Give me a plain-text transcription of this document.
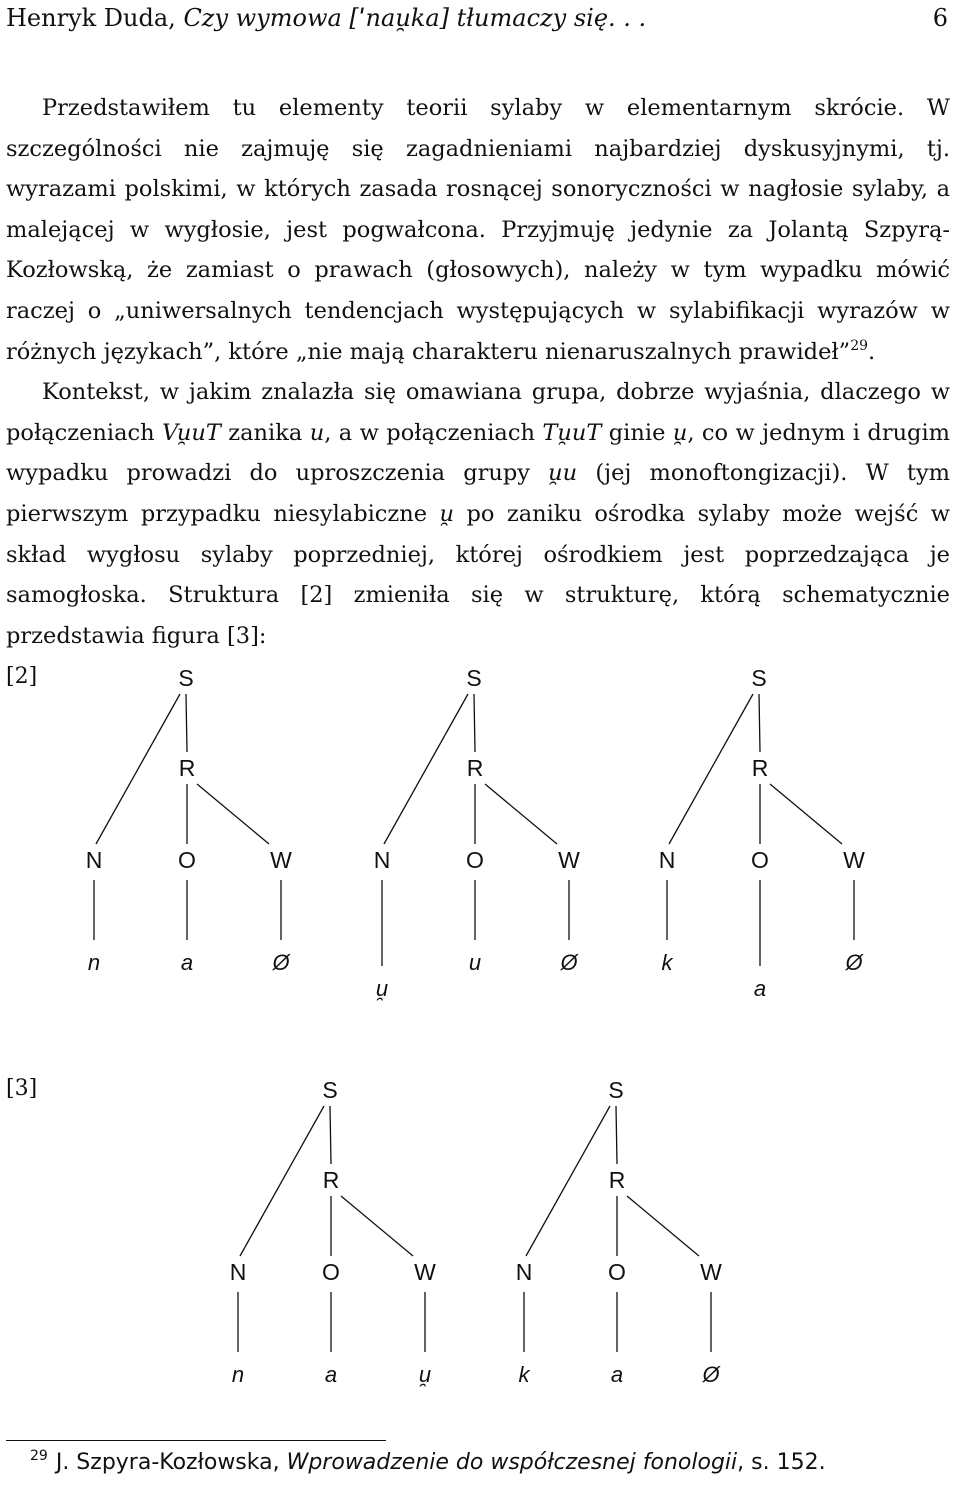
Henryk Duda, Czy wymowa [ˈnau̯ka] tłumaczy się. . .	6

Przedstawiłem tu elementy teorii sylaby w elementarnym skrócie. W szczególności nie zajmuję się zagadnieniami najbardziej dyskusyjnymi, tj. wyrazami polskimi, w których zasada rosnącej sonoryczności w nagłosie sylaby, a malejącej w wygłosie, jest pogwałcona. Przyjmuję jedynie za Jolantą Szpyrą-Kozłowską, że zamiast o prawach (głosowych), należy w tym wypadku mówić raczej o „uniwersalnych tendencjach występujących w sylabifikacji wyrazów w różnych językach”, które „nie mają charakteru nienaruszalnych prawideł”$^{29}$.

Kontekst, w jakim znalazła się omawiana grupa, dobrze wyjaśnia, dlaczego w połączeniach Vu̯uT zanika u, a w połączeniach Tu̯uT ginie u̯, co w jednym i drugim wypadku prowadzi do uproszczenia grupy u̯u (jej monoftongizacji). W tym pierwszym przypadku niesylabiczne u̯ po zaniku ośrodka sylaby może wejść w skład wygłosu sylaby poprzedniej, której ośrodkiem jest poprzedzająca je samogłoska. Struktura [2] zmieniła się w strukturę, którą schematycznie przedstawia figura [3]:

[2]	S
R
N	O	W
n	a	Ø
S
R
N	O	W
u̯
u	Ø
S
R
N	O	W
k
a
Ø
[3]	S
R
N	O	W
n	a	u̯
S
R
N	O	W
k	a	Ø
$^{29}$ J. Szpyra-Kozłowska, Wprowadzenie do współczesnej fonologii, s. 152.
